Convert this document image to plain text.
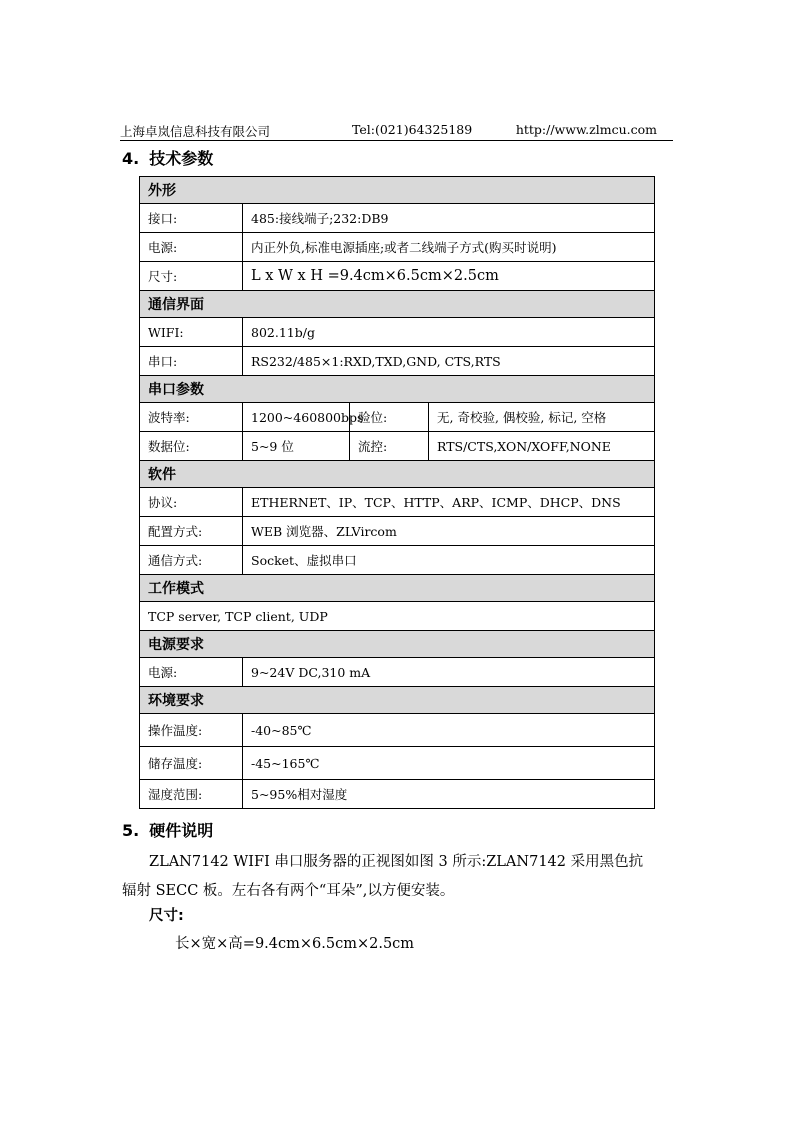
上海卓岚信息科技有限公司	Tel:(021)64325189	http://www.zlmcu.com
4. 技术参数
外形			
接口:	485:接线端子;232:DB9		
电源:	内正外负,标准电源插座;或者二线端子方式(购买时说明)		
尺寸:	L x W x H =9.4cm×6.5cm×2.5cm		
通信界面			
WIFI:	802.11b/g		
串口:	RS232/485×1:RXD,TXD,GND, CTS,RTS		
串口参数			
波特率:	1200~460800bps	验位:	无, 奇校验, 偶校验, 标记, 空格
数据位:	5~9 位	流控:	RTS/CTS,XON/XOFF,NONE
软件			
协议:	ETHERNET、IP、TCP、HTTP、ARP、ICMP、DHCP、DNS		
配置方式:	WEB 浏览器、ZLVircom		
通信方式:	Socket、虚拟串口		
工作模式			
TCP server, TCP client, UDP			
电源要求			
电源:	9~24V DC,310 mA		
环境要求			
操作温度:	-40~85℃		
储存温度:	-45~165℃		
湿度范围:	5~95%相对湿度		
5. 硬件说明

ZLAN7142 WIFI 串口服务器的正视图如图 3 所示:ZLAN7142 采用黑色抗

辐射 SECC 板。左右各有两个“耳朵”,以方便安装。

尺寸:
长×宽×高=9.4cm×6.5cm×2.5cm
